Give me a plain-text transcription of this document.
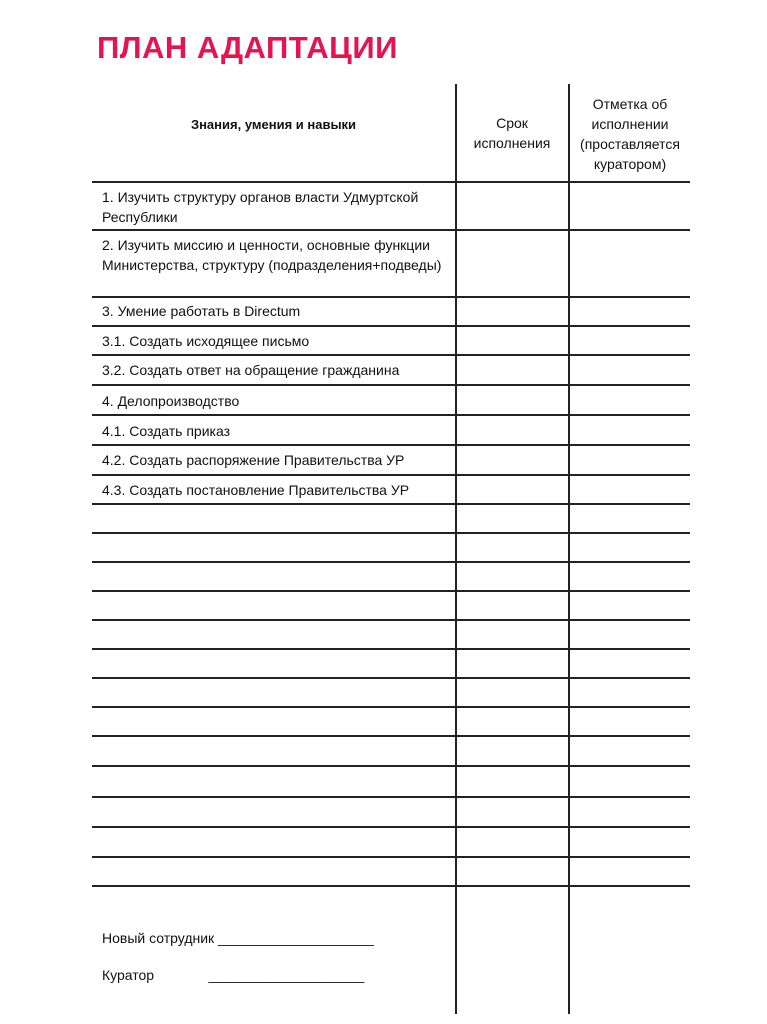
ПЛАН АДАПТАЦИИ
Знания, умения и навыки	Срок исполнения
Отметка об исполнении (проставляется куратором)
1. Изучить структуру органов власти Удмуртской Республики
2. Изучить миссию и ценности, основные функции Министерства, структуру (подразделения+подведы)
3. Умение работать в Directum
3.1. Создать исходящее письмо
3.2. Создать ответ на обращение гражданина
4. Делопроизводство
4.1. Создать приказ
4.2. Создать распоряжение Правительства УР
4.3. Создать постановление Правительства УР
Новый сотрудник ____________________
Куратор              ____________________
